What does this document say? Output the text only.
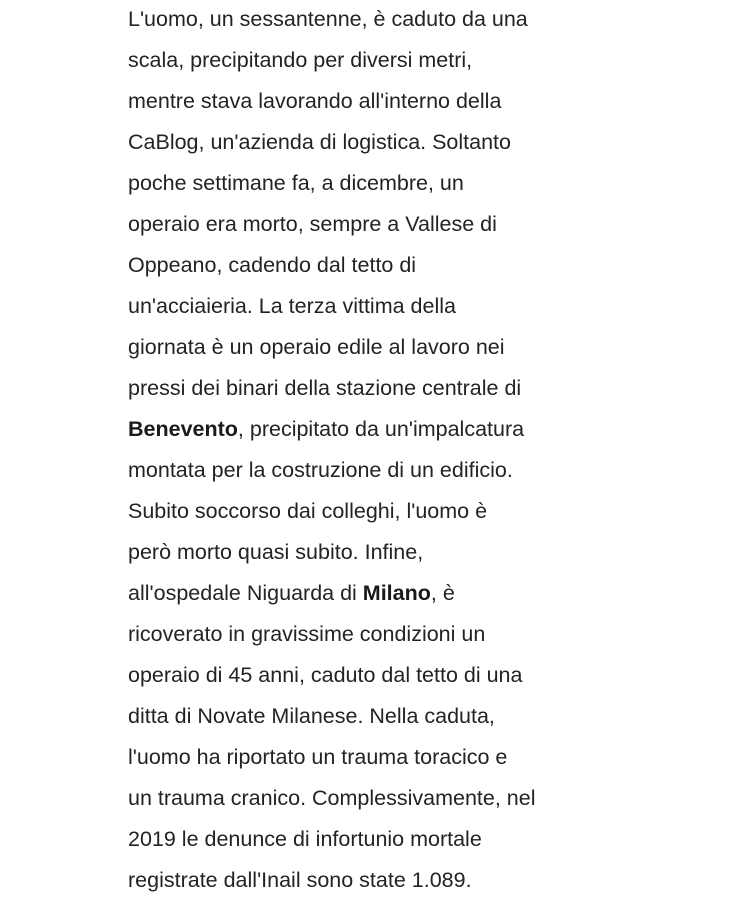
L'uomo, un sessantenne, è caduto da una
scala, precipitando per diversi metri,
mentre stava lavorando all'interno della
CaBlog, un'azienda di logistica. Soltanto
poche settimane fa, a dicembre, un
operaio era morto, sempre a Vallese di
Oppeano, cadendo dal tetto di
un'acciaieria. La terza vittima della
giornata è un operaio edile al lavoro nei
pressi dei binari della stazione centrale di
Benevento, precipitato da un'impalcatura
montata per la costruzione di un edificio.
Subito soccorso dai colleghi, l'uomo è
però morto quasi subito. Infine,
all'ospedale Niguarda di Milano, è
ricoverato in gravissime condizioni un
operaio di 45 anni, caduto dal tetto di una
ditta di Novate Milanese. Nella caduta,
l'uomo ha riportato un trauma toracico e
un trauma cranico. Complessivamente, nel
2019 le denunce di infortunio mortale
registrate dall'Inail sono state 1.089.
